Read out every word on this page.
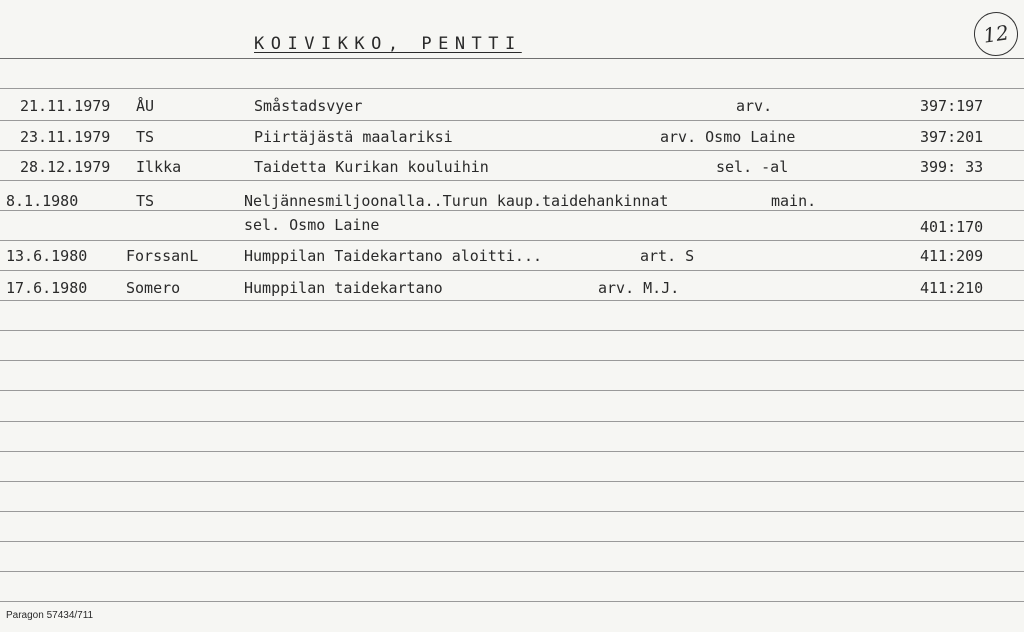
KOIVIKKO, PENTTI	12
21.11.1979 ÅU	Småstadsvyer	arv.	397:197
23.11.1979 TS	Piirtäjästä maalariksi	arv. Osmo Laine	397:201
28.12.1979 Ilkka	Taidetta Kurikan kouluihin	sel. -al	399: 33
8.1.1980	TS	Neljännesmiljoonalla..Turun kaup.taidehankinnat	main.
sel. Osmo Laine	401:170
13.6.1980	ForssanL	Humppilan Taidekartano aloitti...	art. S	411:209
17.6.1980	Somero	Humppilan taidekartano	arv. M.J.	411:210
Paragon 57434/711
